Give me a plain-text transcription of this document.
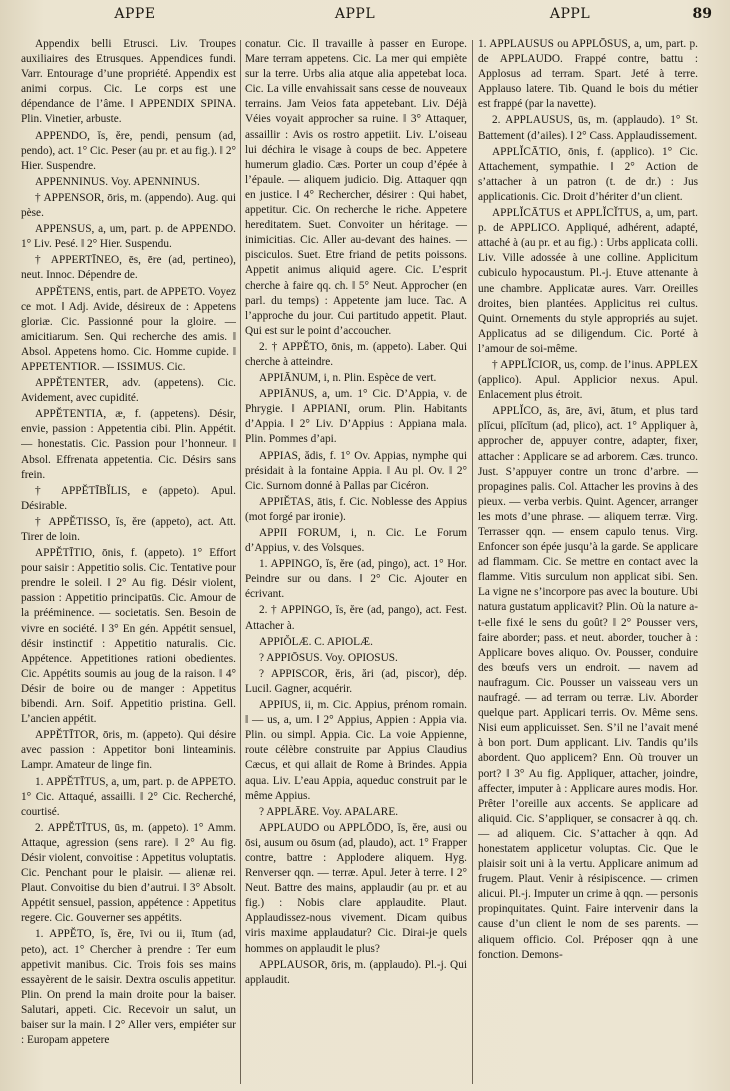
APPE	APPL	APPL	89

Appendix belli Etrusci. Liv. Troupes auxiliaires des Etrusques. Appendices fundi. Varr. Entourage d’une propriété. Appendix est animi corpus. Cic. Le corps est une dépendance de l’âme. ‖ APPENDIX SPINA. Plin. Vinetier, arbuste.

APPENDO, ĭs, ĕre, pendi, pensum (ad, pendo), act. 1° Cic. Peser (au pr. et au fig.). ‖ 2° Hier. Suspendre.

APPENNINUS. Voy. APENNINUS.

† APPENSOR, ōris, m. (appendo). Aug. qui pèse.

APPENSUS, a, um, part. p. de APPENDO. 1° Liv. Pesé. ‖ 2° Hier. Suspendu.

† APPERTĪNEO, ēs, ēre (ad, pertineo), neut. Innoc. Dépendre de.

APPĔTENS, entis, part. de APPETO. Voyez ce mot. ‖ Adj. Avide, désireux de : Appetens gloriæ. Cic. Passionné pour la gloire. — amicitiarum. Sen. Qui recherche des amis. ‖ Absol. Appetens homo. Cic. Homme cupide. ‖ APPETENTIOR. — ISSIMUS. Cic.

APPĔTENTER, adv. (appetens). Cic. Avidement, avec cupidité.

APPĔTENTIA, æ, f. (appetens). Désir, envie, passion : Appetentia cibi. Plin. Appétit. — honestatis. Cic. Passion pour l’honneur. ‖ Absol. Effrenata appetentia. Cic. Désirs sans frein.

† APPĔTĪBĬLIS, e (appeto). Apul. Désirable.

† APPĔTISSO, ĭs, ĕre (appeto), act. Att. Tirer de loin.

APPĔTĪTIO, ōnis, f. (appeto). 1° Effort pour saisir : Appetitio solis. Cic. Tentative pour prendre le soleil. ‖ 2° Au fig. Désir violent, passion : Appetitio principatūs. Cic. Amour de la prééminence. — societatis. Sen. Besoin de vivre en société. ‖ 3° En gén. Appétit sensuel, désir instinctif : Appetitio naturalis. Cic. Appétence. Appetitiones rationi obedientes. Cic. Appétits soumis au joug de la raison. ‖ 4° Désir de boire ou de manger : Appetitus bibendi. Arn. Soif. Appetitio pristina. Gell. L’ancien appétit.

APPĔTĪTOR, ōris, m. (appeto). Qui désire avec passion : Appetitor boni linteaminis. Lampr. Amateur de linge fin.

1. APPĔTĪTUS, a, um, part. p. de APPETO. 1° Cic. Attaqué, assailli. ‖ 2° Cic. Recherché, courtisé.

2. APPĔTĪTUS, ūs, m. (appeto). 1° Amm. Attaque, agression (sens rare). ‖ 2° Au fig. Désir violent, convoitise : Appetitus voluptatis. Cic. Penchant pour le plaisir. — alienæ rei. Plaut. Convoitise du bien d’autrui. ‖ 3° Absolt. Appétit sensuel, passion, appétence : Appetitus regere. Cic. Gouverner ses appétits.

1. APPĔTO, ĭs, ĕre, īvi ou ii, ītum (ad, peto), act. 1° Chercher à prendre : Ter eum appetivit manibus. Cic. Trois fois ses mains essayèrent de le saisir. Dextra osculis appetitur. Plin. On prend la main droite pour la baiser. Salutari, appeti. Cic. Recevoir un salut, un baiser sur la main. ‖ 2° Aller vers, empiéter sur : Europam appetere

conatur. Cic. Il travaille à passer en Europe. Mare terram appetens. Cic. La mer qui empiète sur la terre. Urbs alia atque alia appetebat loca. Cic. La ville envahissait sans cesse de nouveaux terrains. Jam Veios fata appetebant. Liv. Déjà Véies voyait approcher sa ruine. ‖ 3° Attaquer, assaillir : Avis os rostro appetiit. Liv. L’oiseau lui déchira le visage à coups de bec. Appetere humerum gladio. Cæs. Porter un coup d’épée à l’épaule. — aliquem judicio. Dig. Attaquer qqn en justice. ‖ 4° Rechercher, désirer : Qui habet, appetitur. Cic. On recherche le riche. Appetere hereditatem. Suet. Convoiter un héritage. — inimicitias. Cic. Aller au-devant des haines. — pisciculos. Suet. Etre friand de petits poissons. Appetit animus aliquid agere. Cic. L’esprit cherche à faire qq. ch. ‖ 5° Neut. Approcher (en parl. du temps) : Appetente jam luce. Tac. A l’approche du jour. Cui partitudo appetit. Plaut. Qui est sur le point d’accoucher.

2. † APPĔTO, ōnis, m. (appeto). Laber. Qui cherche à atteindre.

APPIĀNUM, i, n. Plin. Espèce de vert.

APPIĀNUS, a, um. 1° Cic. D’Appia, v. de Phrygie. ‖ APPIANI, orum. Plin. Habitants d’Appia. ‖ 2° Liv. D’Appius : Appiana mala. Plin. Pommes d’api.

APPIAS, ădis, f. 1° Ov. Appias, nymphe qui présidait à la fontaine Appia. ‖ Au pl. Ov. ‖ 2° Cic. Surnom donné à Pallas par Cicéron.

APPIĔTAS, ātis, f. Cic. Noblesse des Appius (mot forgé par ironie).

APPII FORUM, i, n. Cic. Le Forum d’Appius, v. des Volsques.

1. APPINGO, ĭs, ĕre (ad, pingo), act. 1° Hor. Peindre sur ou dans. ‖ 2° Cic. Ajouter en écrivant.

2. † APPINGO, ĭs, ĕre (ad, pango), act. Fest. Attacher à.

APPIŎLÆ. C. APIOLÆ.

? APPIŌSUS. Voy. OPIOSUS.

? APPISCOR, ĕris, ări (ad, piscor), dép. Lucil. Gagner, acquérir.

APPIUS, ii, m. Cic. Appius, prénom romain. ‖ — us, a, um. ‖ 2° Appius, Appien : Appia via. Plin. ou simpl. Appia. Cic. La voie Appienne, route célèbre construite par Appius Claudius Cæcus, et qui allait de Rome à Brindes. Appia aqua. Liv. L’eau Appia, aqueduc construit par le même Appius.

? APPLĀRE. Voy. APALARE.

APPLAUDO ou APPLŌDO, ĭs, ĕre, ausi ou ōsi, ausum ou ōsum (ad, plaudo), act. 1° Frapper contre, battre : Applodere aliquem. Hyg. Renverser qqn. — terræ. Apul. Jeter à terre. ‖ 2° Neut. Battre des mains, applaudir (au pr. et au fig.) : Nobis clare applaudite. Plaut. Applaudissez-nous vivement. Dicam quibus viris maxime applaudatur? Cic. Dirai-je quels hommes on applaudit le plus?

APPLAUSOR, ōris, m. (applaudo). Pl.-j. Qui applaudit.

1. APPLAUSUS ou APPLŌSUS, a, um, part. p. de APPLAUDO. Frappé contre, battu : Applosus ad terram. Spart. Jeté à terre. Applauso latere. Tib. Quand le bois du métier est frappé (par la navette).

2. APPLAUSUS, ūs, m. (applaudo). 1° St. Battement (d’ailes). ‖ 2° Cass. Applaudissement.

APPLĬCĀTIO, ōnis, f. (applico). 1° Cic. Attachement, sympathie. ‖ 2° Action de s’attacher à un patron (t. de dr.) : Jus applicationis. Cic. Droit d’hériter d’un client.

APPLĬCĀTUS et APPLĬCĬTUS, a, um, part. p. de APPLICO. Appliqué, adhérent, adapté, attaché à (au pr. et au fig.) : Urbs applicata colli. Liv. Ville adossée à une colline. Applicitum cubiculo hypocaustum. Pl.-j. Etuve attenante à une chambre. Applicatæ aures. Varr. Oreilles droites, bien plantées. Applicitus rei cultus. Quint. Ornements du style appropriés au sujet. Applicatus ad se diligendum. Cic. Porté à l’amour de soi-même.

† APPLĬCIOR, us, comp. de l’inus. APPLEX (applico). Apul. Applicior nexus. Apul. Enlacement plus étroit.

APPLĬCO, ās, āre, āvi, ātum, et plus tard plĭcui, plĭcĭtum (ad, plico), act. 1° Appliquer à, approcher de, appuyer contre, adapter, fixer, attacher : Applicare se ad arborem. Cæs. trunco. Just. S’appuyer contre un tronc d’arbre. — propagines palis. Col. Attacher les provins à des pieux. — verba verbis. Quint. Agencer, arranger les mots d’une phrase. — aliquem terræ. Virg. Terrasser qqn. — ensem capulo tenus. Virg. Enfoncer son épée jusqu’à la garde. Se applicare ad flammam. Cic. Se mettre en contact avec la flamme. Vitis surculum non applicat sibi. Sen. La vigne ne s’incorpore pas avec la bouture. Ubi natura gustatum applicavit? Plin. Où la nature a-t-elle fixé le sens du goût? ‖ 2° Pousser vers, faire aborder; pass. et neut. aborder, toucher à : Applicare boves aliquo. Ov. Pousser, conduire des bœufs vers un endroit. — navem ad naufragum. Cic. Pousser un vaisseau vers un naufragé. — ad terram ou terræ. Liv. Aborder quelque part. Applicari terris. Ov. Même sens. Nisi eum applicuisset. Sen. S’il ne l’avait mené à bon port. Dum applicant. Liv. Tandis qu’ils abordent. Quo applicem? Enn. Où trouver un port? ‖ 3° Au fig. Appliquer, attacher, joindre, affecter, imputer à : Applicare aures modis. Hor. Prêter l’oreille aux accents. Se applicare ad aliquid. Cic. S’appliquer, se consacrer à qq. ch. — ad aliquem. Cic. S’attacher à qqn. Ad honestatem applicetur voluptas. Cic. Que le plaisir soit uni à la vertu. Applicare animum ad frugem. Plaut. Venir à résipiscence. — crimen alicui. Pl.-j. Imputer un crime à qqn. — personis propinquitates. Quint. Faire intervenir dans la cause d’un client le nom de ses parents. — aliquem officio. Col. Préposer qqn à une fonction. Demons-
